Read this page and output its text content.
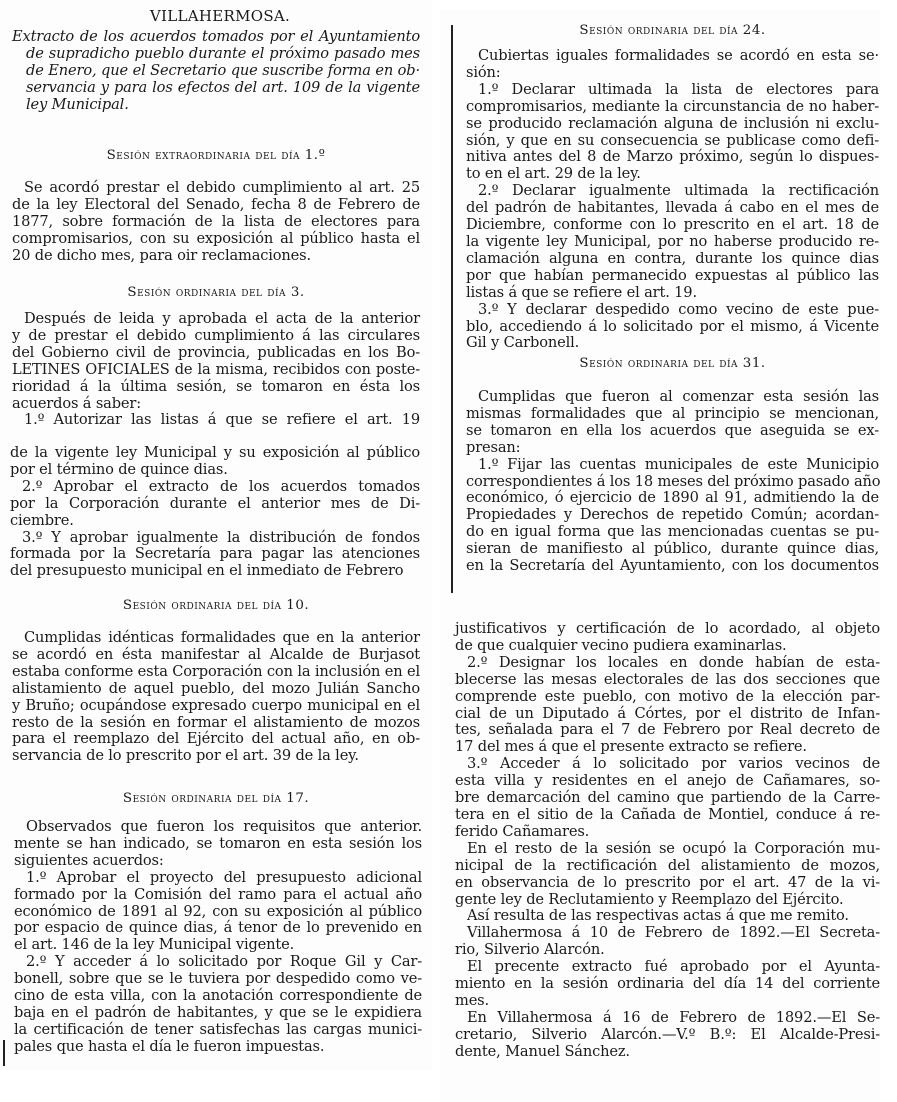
VILLAHERMOSA.
Extracto de los acuerdos tomados por el Ayuntamiento
de supradicho pueblo durante el próximo pasado mes
de Enero, que el Secretario que suscribe forma en ob·
servancia y para los efectos del art. 109 de la vigente
ley Municipal.
Sesión extraordinaria del día 1.º
Se acordó prestar el debido cumplimiento al art. 25
de la ley Electoral del Senado, fecha 8 de Febrero de
1877, sobre formación de la lista de electores para
compromisarios, con su exposición al público hasta el
20 de dicho mes, para oir reclamaciones.
Sesión ordinaria del día 3.
Después de leida y aprobada el acta de la anterior
y de prestar el debido cumplimiento á las circulares
del Gobierno civil de provincia, publicadas en los Bo-
LETINES OFICIALES de la misma, recibidos con poste-
rioridad á la última sesión, se tomaron en ésta los
acuerdos á saber:
1.º Autorizar las listas á que se refiere el art. 19
de la vigente ley Municipal y su exposición al público
por el término de quince dias.
2.º Aprobar el extracto de los acuerdos tomados
por la Corporación durante el anterior mes de Di-
ciembre.
3.º Y aprobar igualmente la distribución de fondos
formada por la Secretaría para pagar las atenciones
del presupuesto municipal en el inmediato de Febrero
Sesión ordinaria del día 10.
Cumplidas idénticas formalidades que en la anterior
se acordó en ésta manifestar al Alcalde de Burjasot
estaba conforme esta Corporación con la inclusión en el
alistamiento de aquel pueblo, del mozo Julián Sancho
y Bruño; ocupándose expresado cuerpo municipal en el
resto de la sesión en formar el alistamiento de mozos
para el reemplazo del Ejército del actual año, en ob-
servancia de lo prescrito por el art. 39 de la ley.
Sesión ordinaria del día 17.
Observados que fueron los requisitos que anterior.
mente se han indicado, se tomaron en esta sesión los
siguientes acuerdos:
1.º Aprobar el proyecto del presupuesto adicional
formado por la Comisión del ramo para el actual año
económico de 1891 al 92, con su exposición al público
por espacio de quince dias, á tenor de lo prevenido en
el art. 146 de la ley Municipal vigente.
2.º Y acceder á lo solicitado por Roque Gil y Car-
bonell, sobre que se le tuviera por despedido como ve-
cino de esta villa, con la anotación correspondiente de
baja en el padrón de habitantes, y que se le expidiera
la certificación de tener satisfechas las cargas munici-
pales que hasta el día le fueron impuestas.
Sesión ordinaria del día 24.
Cubiertas iguales formalidades se acordó en esta se·
sión:
1.º Declarar ultimada la lista de electores para
compromisarios, mediante la circunstancia de no haber-
se producido reclamación alguna de inclusión ni exclu-
sión, y que en su consecuencia se publicase como defi-
nitiva antes del 8 de Marzo próximo, según lo dispues-
to en el art. 29 de la ley.
2.º Declarar igualmente ultimada la rectificación
del padrón de habitantes, llevada á cabo en el mes de
Diciembre, conforme con lo prescrito en el art. 18 de
la vigente ley Municipal, por no haberse producido re-
clamación alguna en contra, durante los quince dias
por que habían permanecido expuestas al público las
listas á que se refiere el art. 19.
3.º Y declarar despedido como vecino de este pue-
blo, accediendo á lo solicitado por el mismo, á Vicente
Gil y Carbonell.
Sesión ordinaria del día 31.
Cumplidas que fueron al comenzar esta sesión las
mismas formalidades que al principio se mencionan,
se tomaron en ella los acuerdos que aseguida se ex-
presan:
1.º Fijar las cuentas municipales de este Municipio
correspondientes á los 18 meses del próximo pasado año
económico, ó ejercicio de 1890 al 91, admitiendo la de
Propiedades y Derechos de repetido Común; acordan-
do en igual forma que las mencionadas cuentas se pu-
sieran de manifiesto al público, durante quince dias,
en la Secretaría del Ayuntamiento, con los documentos
justificativos y certificación de lo acordado, al objeto
de que cualquier vecino pudiera examinarlas.
2.º Designar los locales en donde habían de esta-
blecerse las mesas electorales de las dos secciones que
comprende este pueblo, con motivo de la elección par-
cial de un Diputado á Córtes, por el distrito de Infan-
tes, señalada para el 7 de Febrero por Real decreto de
17 del mes á que el presente extracto se refiere.
3.º Acceder á lo solicitado por varios vecinos de
esta villa y residentes en el anejo de Cañamares, so-
bre demarcación del camino que partiendo de la Carre-
tera en el sitio de la Cañada de Montiel, conduce á re-
ferido Cañamares.
En el resto de la sesión se ocupó la Corporación mu-
nicipal de la rectificación del alistamiento de mozos,
en observancia de lo prescrito por el art. 47 de la vi-
gente ley de Reclutamiento y Reemplazo del Ejército.
Así resulta de las respectivas actas á que me remito.
Villahermosa á 10 de Febrero de 1892.—El Secreta-
rio, Silverio Alarcón.
El precente extracto fué aprobado por el Ayunta-
miento en la sesión ordinaria del día 14 del corriente
mes.
En Villahermosa á 16 de Febrero de 1892.—El Se-
cretario, Silverio Alarcón.—V.º B.º: El Alcalde-Presi-
dente, Manuel Sánchez.
